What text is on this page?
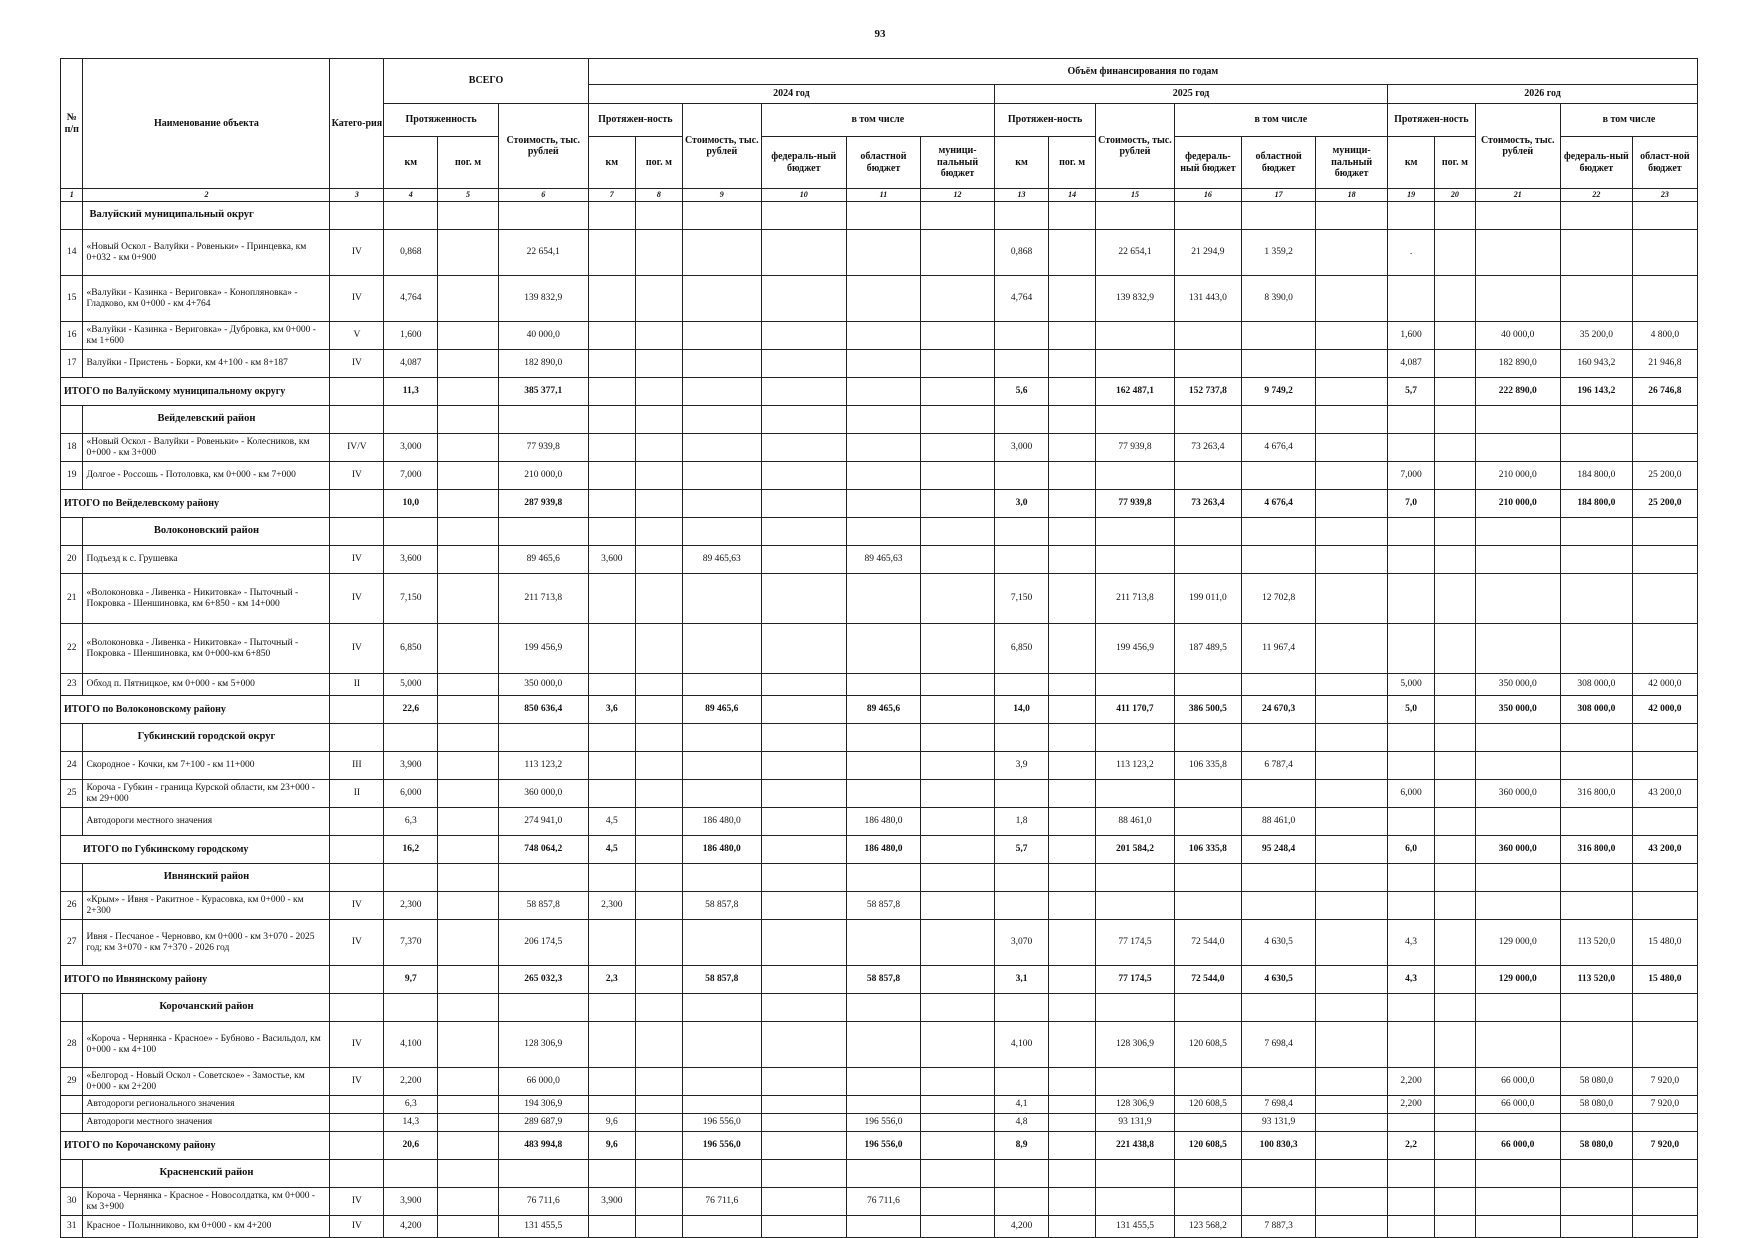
93
№ п/п	Наименование объекта	Катего-рия	ВСЕГО			Объём финансирования по годам																
						2024 год						2025 год						2026 год				
			Протяженность		Стоимость, тыс. рублей	Протяжен-ность		Стоимость, тыс. рублей	в том числе			Протяжен-ность		Стоимость, тыс. рублей	в том числе			Протяжен-ность		Стоимость, тыс. рублей	в том числе	
			км	пог. м		км	пог. м		федераль-ный бюджет	областной бюджет	муници-пальный бюджет	км	пог. м		федераль-ный бюджет	областной бюджет	муници-пальный бюджет	км	пог. м		федераль-ный бюджет	област-ной бюджет
1	2	3	4	5	6	7	8	9	10	11	12	13	14	15	16	17	18	19	20	21	22	23
	Валуйский муниципальный округ																					
14	«Новый Оскол - Валуйки - Ровеньки» - Принцевка, км 0+032 - км 0+900	IV	0,868		22 654,1							0,868		22 654,1	21 294,9	1 359,2		.				
15	«Валуйки - Казинка - Вериговка» - Конопляновка» - Гладково, км 0+000 - км 4+764	IV	4,764		139 832,9							4,764		139 832,9	131 443,0	8 390,0						
16	«Валуйки - Казинка - Вериговка» - Дубровка, км 0+000 - км 1+600	V	1,600		40 000,0													1,600		40 000,0	35 200,0	4 800,0
17	Валуйки - Пристень - Борки, км 4+100 - км 8+187	IV	4,087		182 890,0													4,087		182 890,0	160 943,2	21 946,8
ИТОГО по Валуйскому муниципальному округу			11,3		385 377,1							5,6		162 487,1	152 737,8	9 749,2		5,7		222 890,0	196 143,2	26 746,8
	Вейделевский район																					
18	«Новый Оскол - Валуйки - Ровеньки» - Колесников, км 0+000 - км 3+000	IV/V	3,000		77 939,8							3,000		77 939,8	73 263,4	4 676,4						
19	Долгое - Россошь - Потоловка, км 0+000 - км 7+000	IV	7,000		210 000,0													7,000		210 000,0	184 800,0	25 200,0
ИТОГО по Вейделевскому району			10,0		287 939,8							3,0		77 939,8	73 263,4	4 676,4		7,0		210 000,0	184 800,0	25 200,0
	Волоконовский район																					
20	Подъезд к с. Грушевка	IV	3,600		89 465,6	3,600		89 465,63		89 465,63												
21	«Волоконовка - Ливенка - Никитовка» - Пыточный - Покровка - Шеншиновка, км 6+850 - км 14+000	IV	7,150		211 713,8							7,150		211 713,8	199 011,0	12 702,8						
22	«Волоконовка - Ливенка - Никитовка» - Пыточный - Покровка - Шеншиновка, км 0+000-км 6+850	IV	6,850		199 456,9							6,850		199 456,9	187 489,5	11 967,4						
23	Обход п. Пятницкое, км 0+000 - км 5+000	II	5,000		350 000,0													5,000		350 000,0	308 000,0	42 000,0
ИТОГО по Волоконовскому району			22,6		850 636,4	3,6		89 465,6		89 465,6		14,0		411 170,7	386 500,5	24 670,3		5,0		350 000,0	308 000,0	42 000,0
	Губкинский городской округ																					
24	Скородное - Кочки, км 7+100 - км 11+000	III	3,900		113 123,2							3,9		113 123,2	106 335,8	6 787,4						
25	Короча - Губкин - граница Курской области, км 23+000 - км 29+000	II	6,000		360 000,0													6,000		360 000,0	316 800,0	43 200,0
	Автодороги местного значения		6,3		274 941,0	4,5		186 480,0		186 480,0		1,8		88 461,0		88 461,0						
ИТОГО по Губкинскому городскому			16,2		748 064,2	4,5		186 480,0		186 480,0		5,7		201 584,2	106 335,8	95 248,4		6,0		360 000,0	316 800,0	43 200,0
	Ивнянский район																					
26	«Крым» - Ивня - Ракитное - Курасовка, км 0+000 - км 2+300	IV	2,300		58 857,8	2,300		58 857,8		58 857,8												
27	Ивня - Песчаное - Черновво, км 0+000 - км 3+070 - 2025 год; км 3+070 - км 7+370 - 2026 год	IV	7,370		206 174,5							3,070		77 174,5	72 544,0	4 630,5		4,3		129 000,0	113 520,0	15 480,0
ИТОГО по Ивнянскому району			9,7		265 032,3	2,3		58 857,8		58 857,8		3,1		77 174,5	72 544,0	4 630,5		4,3		129 000,0	113 520,0	15 480,0
	Корочанский район																					
28	«Короча - Чернянка - Красное» - Бубново - Васильдол, км 0+000 - км 4+100	IV	4,100		128 306,9							4,100		128 306,9	120 608,5	7 698,4						
29	«Белгород - Новый Оскол - Советское» - Замостье, км 0+000 - км 2+200	IV	2,200		66 000,0													2,200		66 000,0	58 080,0	7 920,0
	Автодороги регионального значения		6,3		194 306,9							4,1		128 306,9	120 608,5	7 698,4		2,200		66 000,0	58 080,0	7 920,0
	Автодороги местного значения		14,3		289 687,9	9,6		196 556,0		196 556,0		4,8		93 131,9		93 131,9						
ИТОГО по Корочанскому району			20,6		483 994,8	9,6		196 556,0		196 556,0		8,9		221 438,8	120 608,5	100 830,3		2,2		66 000,0	58 080,0	7 920,0
	Красненский район																					
30	Короча - Чернянка - Красное - Новосолдатка, км 0+000 - км 3+900	IV	3,900		76 711,6	3,900		76 711,6		76 711,6												
31	Красное - Полынниково, км 0+000 - км 4+200	IV	4,200		131 455,5							4,200		131 455,5	123 568,2	7 887,3						
